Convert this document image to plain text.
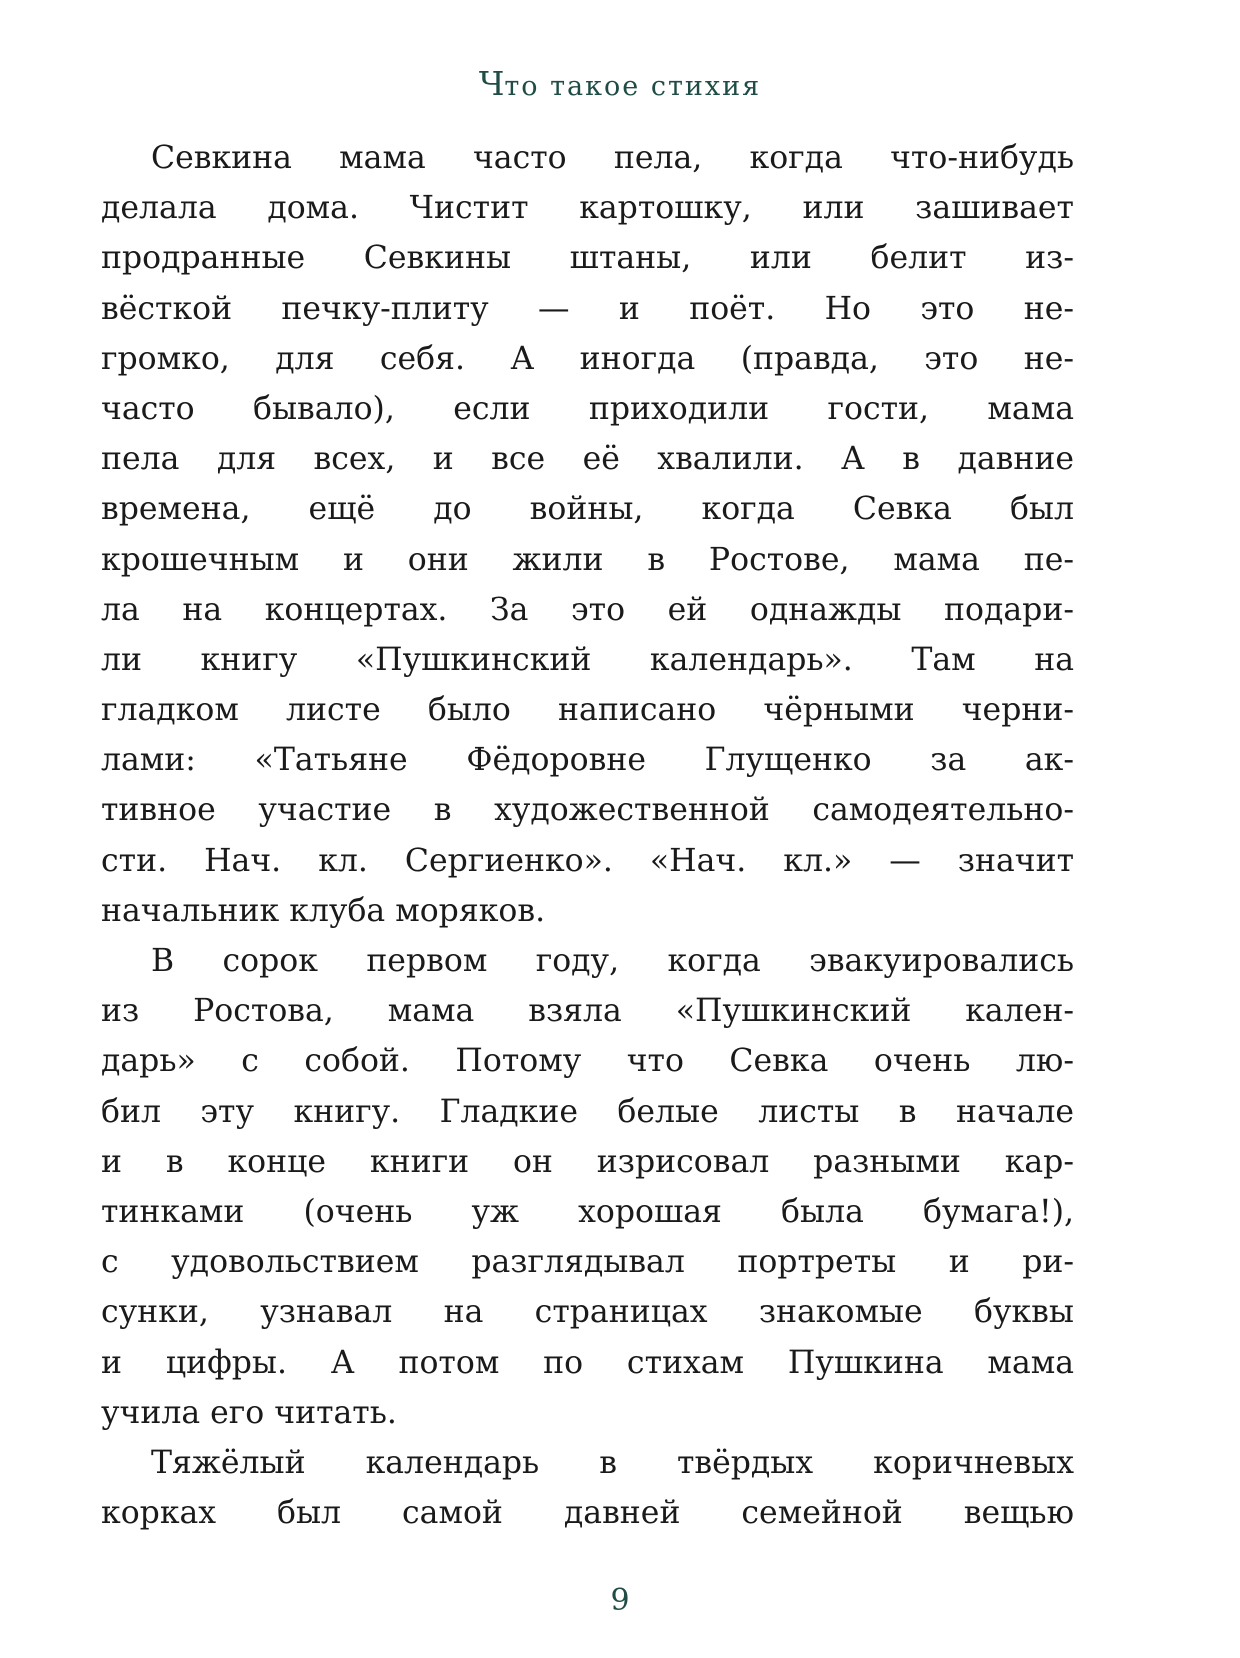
Что такое стихия
Севкина мама часто пела, когда что-нибудь
делала дома. Чистит картошку, или зашивает
продранные Севкины штаны, или белит из-
вёсткой печку-плиту — и поёт. Но это не-
громко, для себя. А иногда (правда, это не-
часто бывало), если приходили гости, мама
пела для всех, и все её хвалили. А в давние
времена, ещё до войны, когда Севка был
крошечным и они жили в Ростове, мама пе-
ла на концертах. За это ей однажды подари-
ли книгу «Пушкинский календарь». Там на
гладком листе было написано чёрными черни-
лами: «Татьяне Фёдоровне Глущенко за ак-
тивное участие в художественной самодеятельно-
сти. Нач. кл. Сергиенко». «Нач. кл.» — значит
начальник клуба моряков.
В сорок первом году, когда эвакуировались
из Ростова, мама взяла «Пушкинский кален-
дарь» с собой. Потому что Севка очень лю-
бил эту книгу. Гладкие белые листы в начале
и в конце книги он изрисовал разными кар-
тинками (очень уж хорошая была бумага!),
с удовольствием разглядывал портреты и ри-
сунки, узнавал на страницах знакомые буквы
и цифры. А потом по стихам Пушкина мама
учила его читать.
Тяжёлый календарь в твёрдых коричневых
корках был самой давней семейной вещью
9
